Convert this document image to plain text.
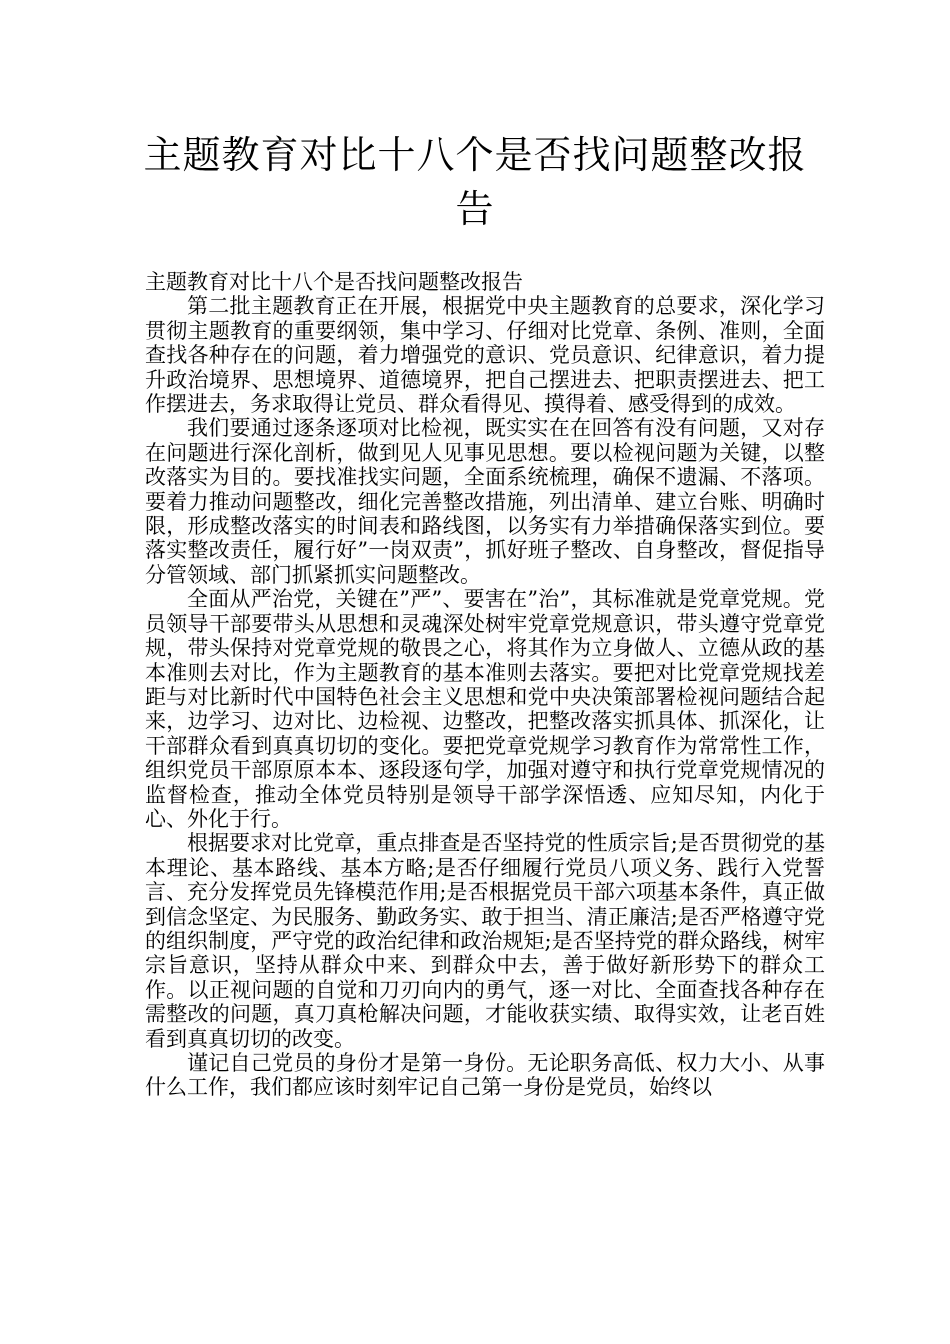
主题教育对比十八个是否找问题整改报告

主题教育对比十八个是否找问题整改报告

第二批主题教育正在开展，根据党中央主题教育的总要求，深化学习贯彻主题教育的重要纲领，集中学习、仔细对比党章、条例、准则，全面查找各种存在的问题，着力增强党的意识、党员意识、纪律意识，着力提升政治境界、思想境界、道德境界，把自己摆进去、把职责摆进去、把工作摆进去，务求取得让党员、群众看得见、摸得着、感受得到的成效。

我们要通过逐条逐项对比检视，既实实在在回答有没有问题，又对存在问题进行深化剖析，做到见人见事见思想。要以检视问题为关键，以整改落实为目的。要找准找实问题，全面系统梳理，确保不遗漏、不落项。要着力推动问题整改，细化完善整改措施，列出清单、建立台账、明确时限，形成整改落实的时间表和路线图，以务实有力举措确保落实到位。要落实整改责任，履行好”一岗双责”，抓好班子整改、自身整改，督促指导分管领域、部门抓紧抓实问题整改。

全面从严治党，关键在”严”、要害在”治”，其标准就是党章党规。党员领导干部要带头从思想和灵魂深处树牢党章党规意识，带头遵守党章党规，带头保持对党章党规的敬畏之心，将其作为立身做人、立德从政的基本准则去对比，作为主题教育的基本准则去落实。要把对比党章党规找差距与对比新时代中国特色社会主义思想和党中央决策部署检视问题结合起来，边学习、边对比、边检视、边整改，把整改落实抓具体、抓深化，让干部群众看到真真切切的变化。要把党章党规学习教育作为常常性工作，组织党员干部原原本本、逐段逐句学，加强对遵守和执行党章党规情况的监督检查，推动全体党员特别是领导干部学深悟透、应知尽知，内化于心、外化于行。

根据要求对比党章，重点排查是否坚持党的性质宗旨;是否贯彻党的基本理论、基本路线、基本方略;是否仔细履行党员八项义务、践行入党誓言、充分发挥党员先锋模范作用;是否根据党员干部六项基本条件，真正做到信念坚定、为民服务、勤政务实、敢于担当、清正廉洁;是否严格遵守党的组织制度，严守党的政治纪律和政治规矩;是否坚持党的群众路线，树牢宗旨意识，坚持从群众中来、到群众中去，善于做好新形势下的群众工作。以正视问题的自觉和刀刃向内的勇气，逐一对比、全面查找各种存在需整改的问题，真刀真枪解决问题，才能收获实绩、取得实效，让老百姓看到真真切切的改变。

谨记自己党员的身份才是第一身份。无论职务高低、权力大小、从事什么工作，我们都应该时刻牢记自己第一身份是党员，始终以
